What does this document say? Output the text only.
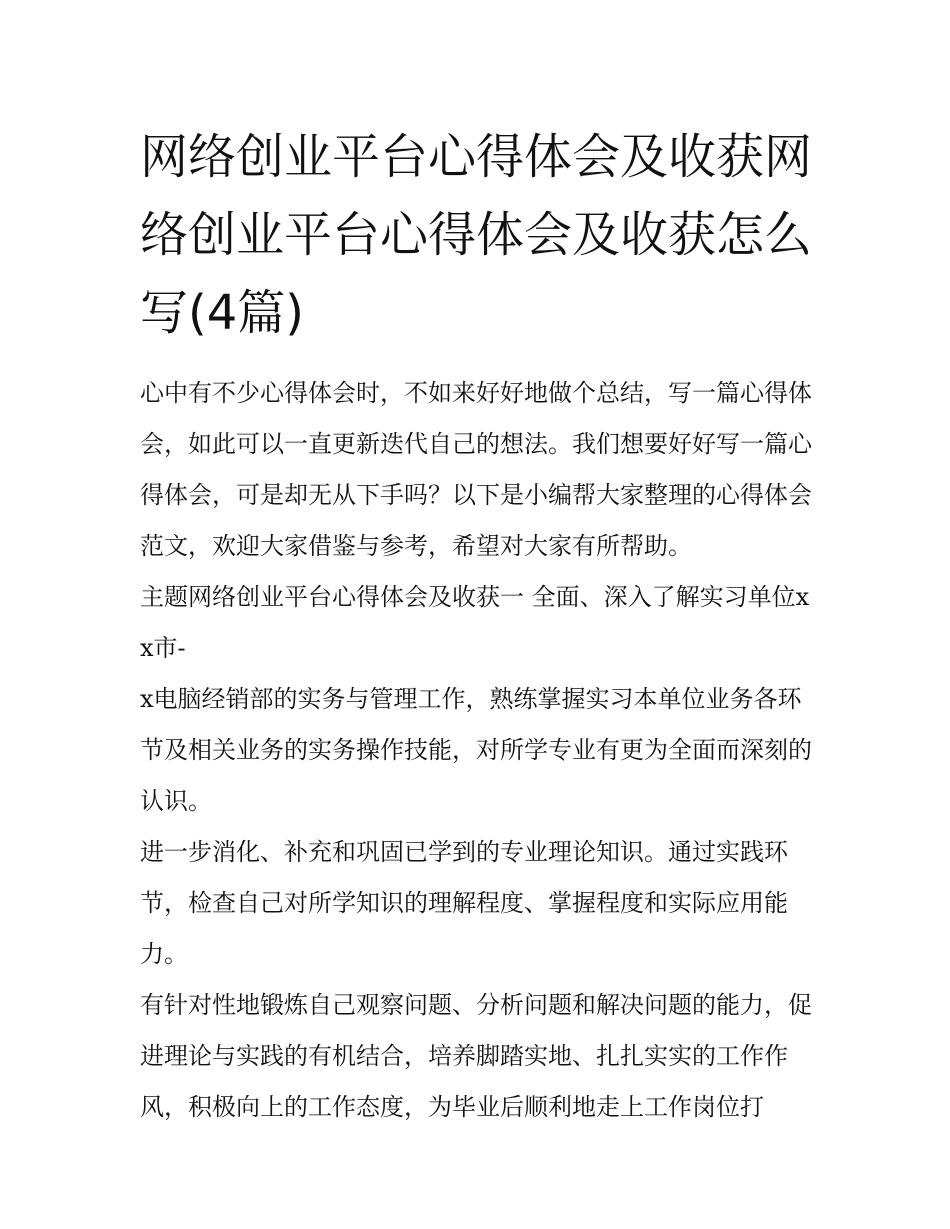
网络创业平台心得体会及收获网络创业平台心得体会及收获怎么写(4篇)

心中有不少心得体会时，不如来好好地做个总结，写一篇心得体会，如此可以一直更新迭代自己的想法。我们想要好好写一篇心得体会，可是却无从下手吗？以下是小编帮大家整理的心得体会范文，欢迎大家借鉴与参考，希望对大家有所帮助。

主题网络创业平台心得体会及收获一 全面、深入了解实习单位xx市-

x电脑经销部的实务与管理工作，熟练掌握实习本单位业务各环节及相关业务的实务操作技能，对所学专业有更为全面而深刻的认识。

进一步消化、补充和巩固已学到的专业理论知识。通过实践环节，检查自己对所学知识的理解程度、掌握程度和实际应用能力。

有针对性地锻炼自己观察问题、分析问题和解决问题的能力，促进理论与实践的有机结合，培养脚踏实地、扎扎实实的工作作风，积极向上的工作态度，为毕业后顺利地走上工作岗位打
